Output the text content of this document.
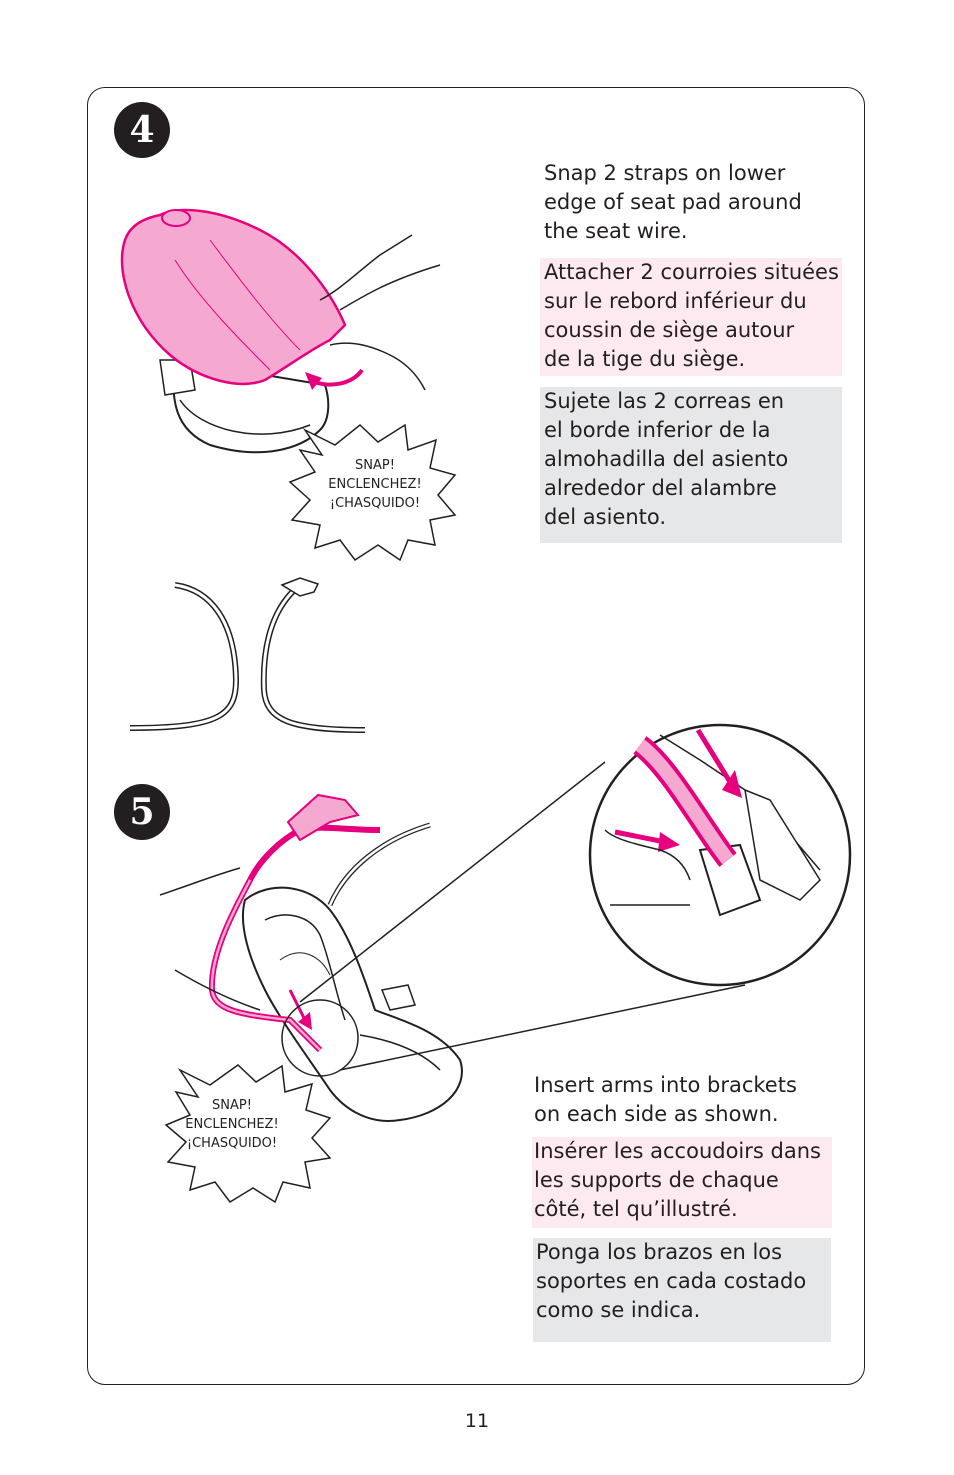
4
Snap 2 straps on lower
edge of seat pad around
the seat wire.
Attacher 2 courroies situées
sur le rebord inférieur du
coussin de siège autour
de la tige du siège.
Sujete las 2 correas en
el borde inferior de la
almohadilla del asiento
alrededor del alambre
del asiento.
SNAP!
ENCLENCHEZ!
¡CHASQUIDO!
5
Insert arms into brackets
on each side as shown.
Insérer les accoudoirs dans
les supports de chaque
côté, tel qu’illustré.
Ponga los brazos en los
soportes en cada costado
como se indica.
SNAP!
ENCLENCHEZ!
¡CHASQUIDO!
11
